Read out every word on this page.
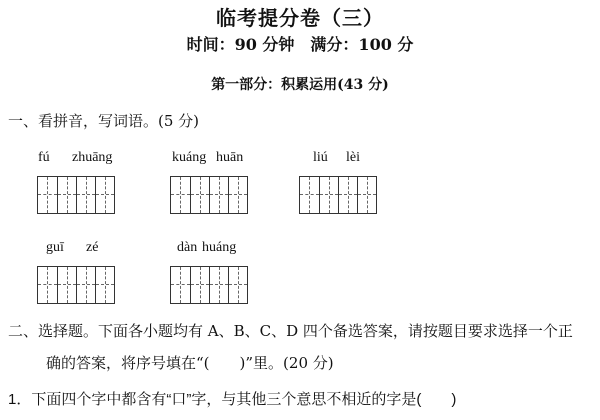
临考提分卷（三）
时间：90 分钟　满分：100 分
第一部分：积累运用(43 分)
一、看拼音，写词语。(5 分)
fú zhuāng	kuáng huān	liú lèi
guī zé	dàn huáng
二、选择题。下面各小题均有 A、B、C、D 四个备选答案，请按题目要求选择一个正
确的答案，将序号填在“(　　)”里。(20 分)
1．下面四个字中都含有“口”字，与其他三个意思不相近的字是(　　)
